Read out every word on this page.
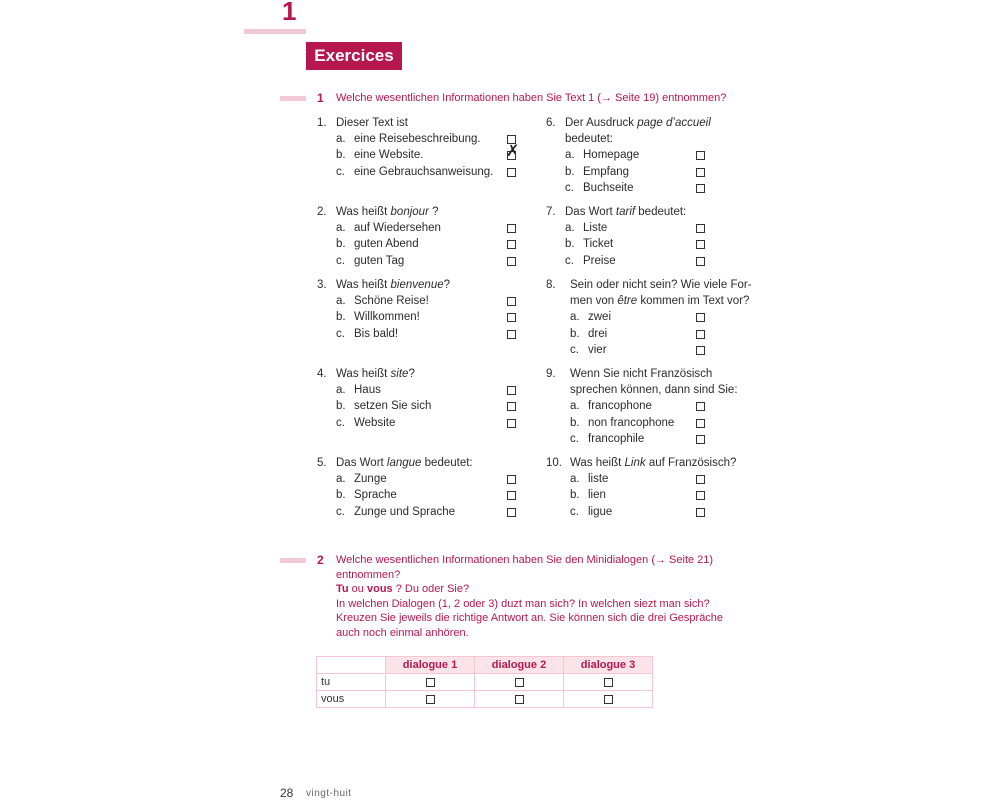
1
Exercices
1 Welche wesentlichen Informationen haben Sie Text 1 (→ Seite 19) entnommen?
2 Welche wesentlichen Informationen haben Sie den Minidialogen (→ Seite 21)
entnommen?
Tu ou vous ? Du oder Sie?
In welchen Dialogen (1, 2 oder 3) duzt man sich? In welchen siezt man sich?
Kreuzen Sie jeweils die richtige Antwort an. Sie können sich die drei Gespräche
auch noch einmal anhören.
	dialogue 1	dialogue 2	dialogue 3
tu			
vous			
28 vingt-huit
1. Dieser Text ist
a. eine Reisebeschreibung.
b. eine Website.
✗
c. eine Gebrauchsanweisung.
2. Was heißt bonjour ?
a. auf Wiedersehen
b. guten Abend
c. guten Tag
3. Was heißt bienvenue?
a. Schöne Reise!
b. Willkommen!
c. Bis bald!
4. Was heißt site?
a. Haus
b. setzen Sie sich
c. Website
5. Das Wort langue bedeutet:
a. Zunge
b. Sprache
c. Zunge und Sprache
6. Der Ausdruck page d’accueil
bedeutet:
a. Homepage
b. Empfang
c. Buchseite
7. Das Wort tarif bedeutet:
a. Liste
b. Ticket
c. Preise
8. Sein oder nicht sein? Wie viele For-
men von être kommen im Text vor?
a. zwei
b. drei
c. vier
9. Wenn Sie nicht Französisch
sprechen können, dann sind Sie:
a. francophone
b. non francophone
c. francophile
10. Was heißt Link auf Französisch?
a. liste
b. lien
c. ligue
